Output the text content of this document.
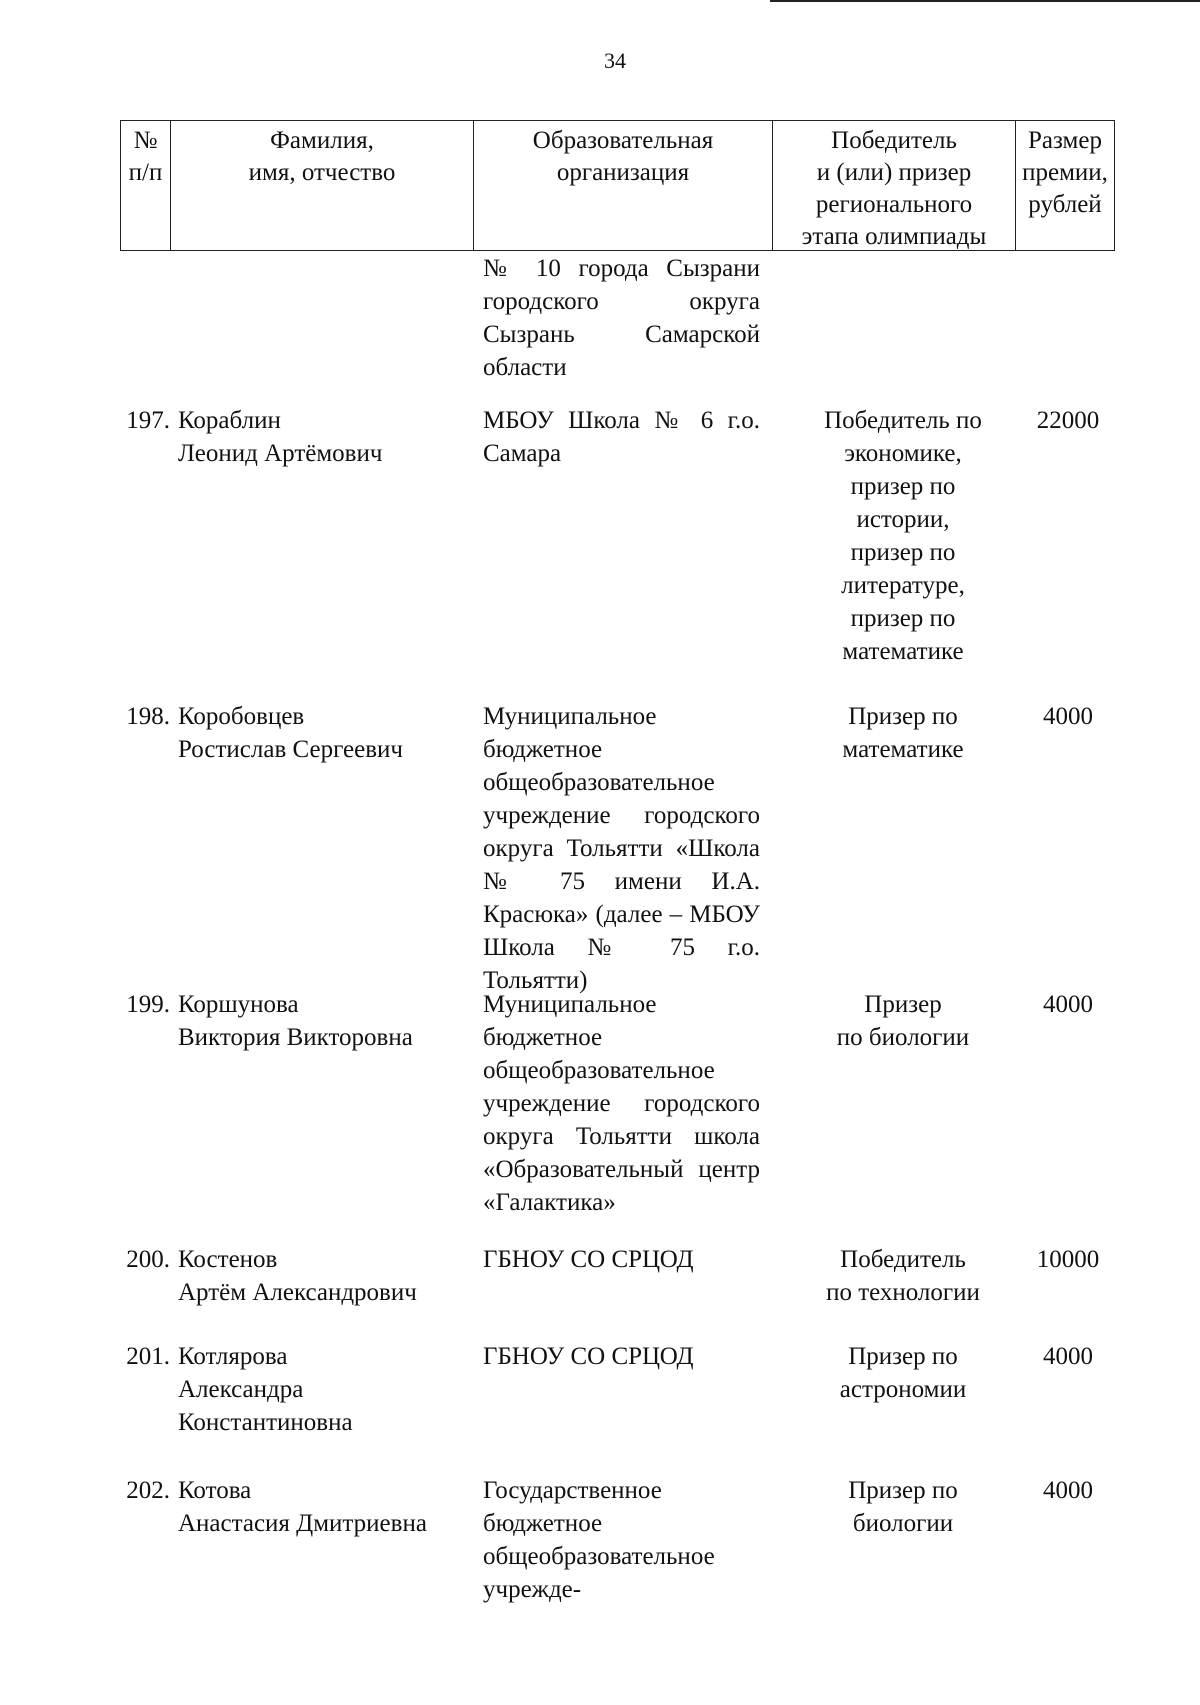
34
№
п/п
Фамилия,
имя, отчество
Образовательная
организация
Победитель
и (или) призер
регионального
этапа олимпиады
Размер
премии,
рублей
№ 10 города Сызрани городского округа Сызрань Самарской области
197. Кораблин
Леонид Артёмович
МБОУ Школа № 6 г.о. Самара
Победитель по
экономике,
призер по
истории,
призер по
литературе,
призер по
математике
22000
198. Коробовцев
Ростислав Сергеевич
Муниципальное бюджетное общеобразовательное учреждение городского округа Тольятти «Школа № 75 имени И.А. Красюка» (далее – МБОУ Школа № 75 г.о. Тольятти)
Призер по
математике
4000
199. Коршунова
Виктория Викторовна
Муниципальное бюджетное общеобразовательное учреждение городского округа Тольятти школа «Образовательный центр «Галактика»
Призер
по биологии
4000
200. Костенов
Артём Александрович
ГБНОУ СО СРЦОД	Победитель
по технологии
10000
201. Котлярова
Александра
Константиновна
ГБНОУ СО СРЦОД	Призер по
астрономии
4000
202. Котова
Анастасия Дмитриевна
Государственное бюджетное общеобразовательное учрежде-
Призер по
биологии
4000
